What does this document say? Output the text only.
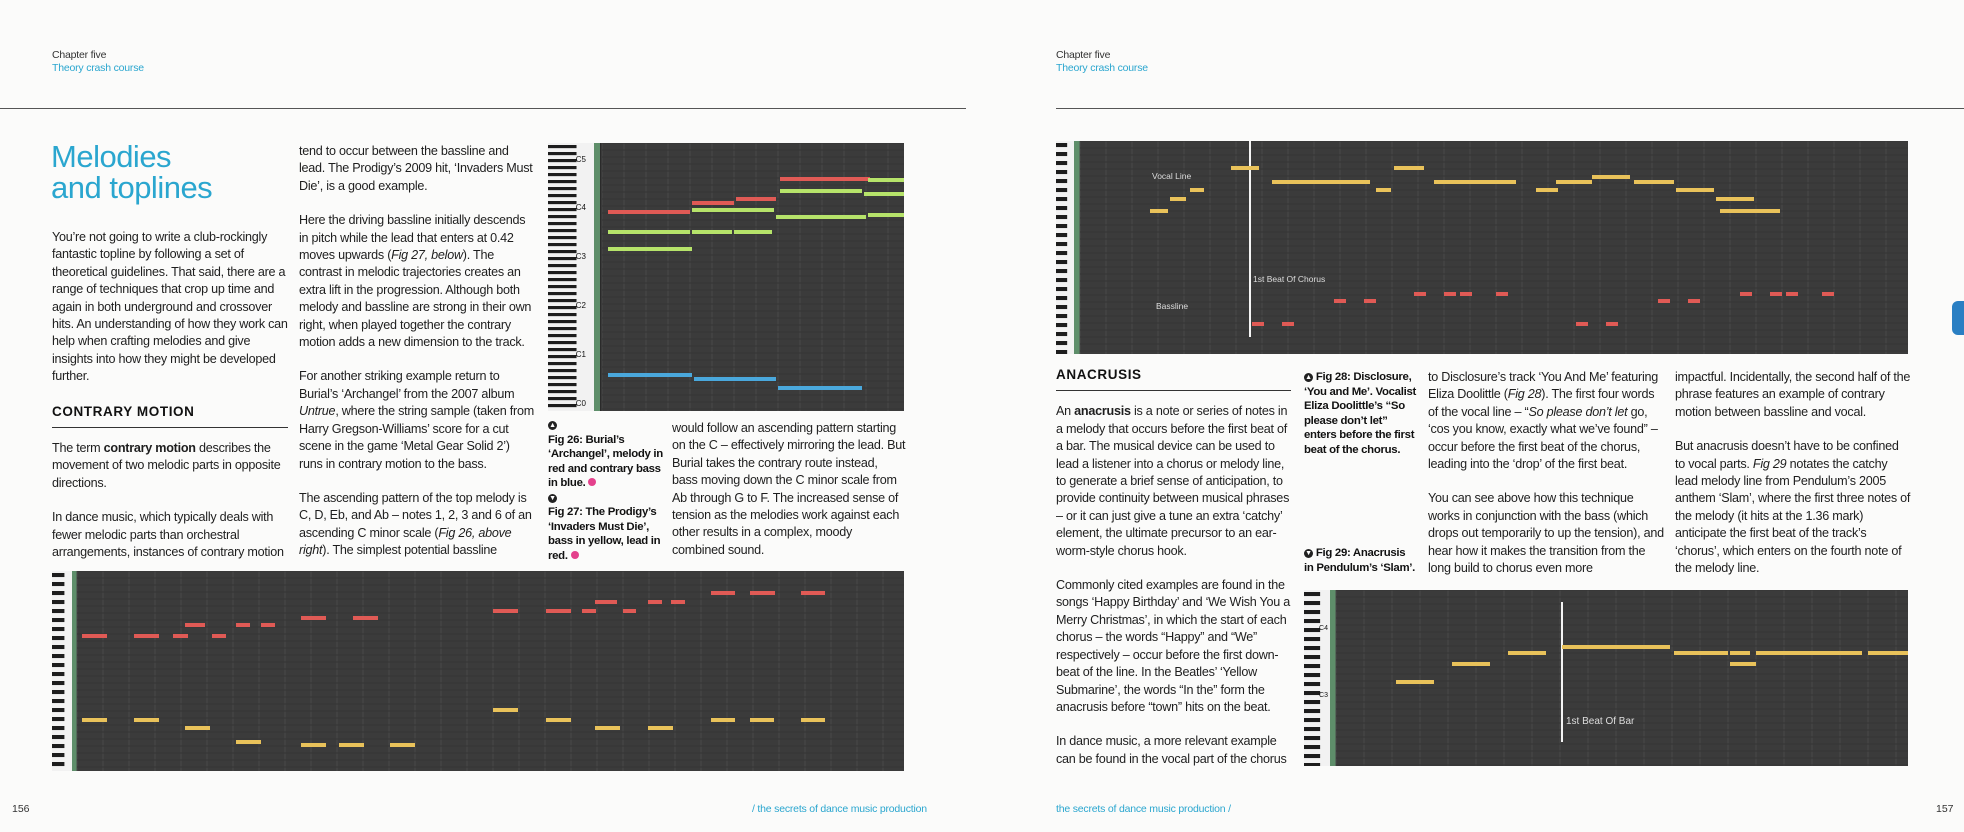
Chapter five
Theory crash course
Melodies
and toplines

You’re not going to write a club-rockingly fantastic topline by following a set of theoretical guidelines. That said, there are a range of techniques that crop up time and again in both underground and crossover hits. An understanding of how they work can help when crafting melodies and give insights into how they might be developed further.

CONTRARY MOTION

The term contrary motion describes the movement of two melodic parts in opposite directions.

In dance music, which typically deals with fewer melodic parts than orchestral arrangements, instances of contrary motion

tend to occur between the bassline and lead. The Prodigy’s 2009 hit, ‘Invaders Must Die’, is a good example.

Here the driving bassline initially descends in pitch while the lead that enters at 0.42 moves upwards (Fig 27, below). The contrast in melodic trajectories creates an extra lift in the progression. Although both melody and bassline are strong in their own right, when played together the contrary motion adds a new dimension to the track.

For another striking example return to Burial’s ‘Archangel’ from the 2007 album Untrue, where the string sample (taken from Harry Gregson-Williams’ score for a cut scene in the game ‘Metal Gear Solid 2’) runs in contrary motion to the bass.

The ascending pattern of the top melody is C, D, Eb, and Ab – notes 1, 2, 3 and 6 of an ascending C minor scale (Fig 26, above right). The simplest potential bassline

C5
C4
C3
C2
C1
C0
▲
Fig 26: Burial’s ‘Archangel’, melody in red and contrary bass in blue.
▼
Fig 27: The Prodigy’s ‘Invaders Must Die’, bass in yellow, lead in red.

would follow an ascending pattern starting on the C – effectively mirroring the lead. But Burial takes the contrary route instead, bass moving down the C minor scale from Ab through G to F. The increased sense of tension as the melodies work against each other results in a complex, moody combined sound.

156	/ the secrets of dance music production
Chapter five
Theory crash course
Vocal Line
1st Beat Of Chorus
Bassline
ANACRUSIS

An anacrusis is a note or series of notes in a melody that occurs before the first beat of a bar. The musical device can be used to lead a listener into a chorus or melody line, to generate a brief sense of anticipation, to provide continuity between musical phrases – or it can just give a tune an extra ‘catchy’ element, the ultimate precursor to an ear-worm-style chorus hook.

Commonly cited examples are found in the songs ‘Happy Birthday’ and ‘We Wish You a Merry Christmas’, in which the start of each chorus – the words “Happy” and “We” respectively – occur before the first down-beat of the line. In the Beatles’ ‘Yellow Submarine’, the words “In the” form the anacrusis before “town” hits on the beat.

In dance music, a more relevant example can be found in the vocal part of the chorus

▲ Fig 28: Disclosure, ‘You and Me’. Vocalist Eliza Doolittle’s “So please don’t let” enters before the first beat of the chorus.
▼ Fig 29: Anacrusis in Pendulum’s ‘Slam’.

to Disclosure’s track ‘You And Me’ featuring Eliza Doolittle (Fig 28). The first four words of the vocal line – “So please don’t let go, ‘cos you know, exactly what we’ve found” – occur before the first beat of the chorus, leading into the ‘drop’ of the first beat.

You can see above how this technique works in conjunction with the bass (which drops out temporarily to up the tension), and hear how it makes the transition from the long build to chorus even more

impactful. Incidentally, the second half of the phrase features an example of contrary motion between bassline and vocal.

But anacrusis doesn’t have to be confined to vocal parts. Fig 29 notates the catchy lead melody line from Pendulum’s 2005 anthem ‘Slam’, where the first three notes of the melody (it hits at the 1.36 mark) anticipate the first beat of the track’s ‘chorus’, which enters on the fourth note of the melody line.

C4
C3
1st Beat Of Bar
the secrets of dance music production /	157
